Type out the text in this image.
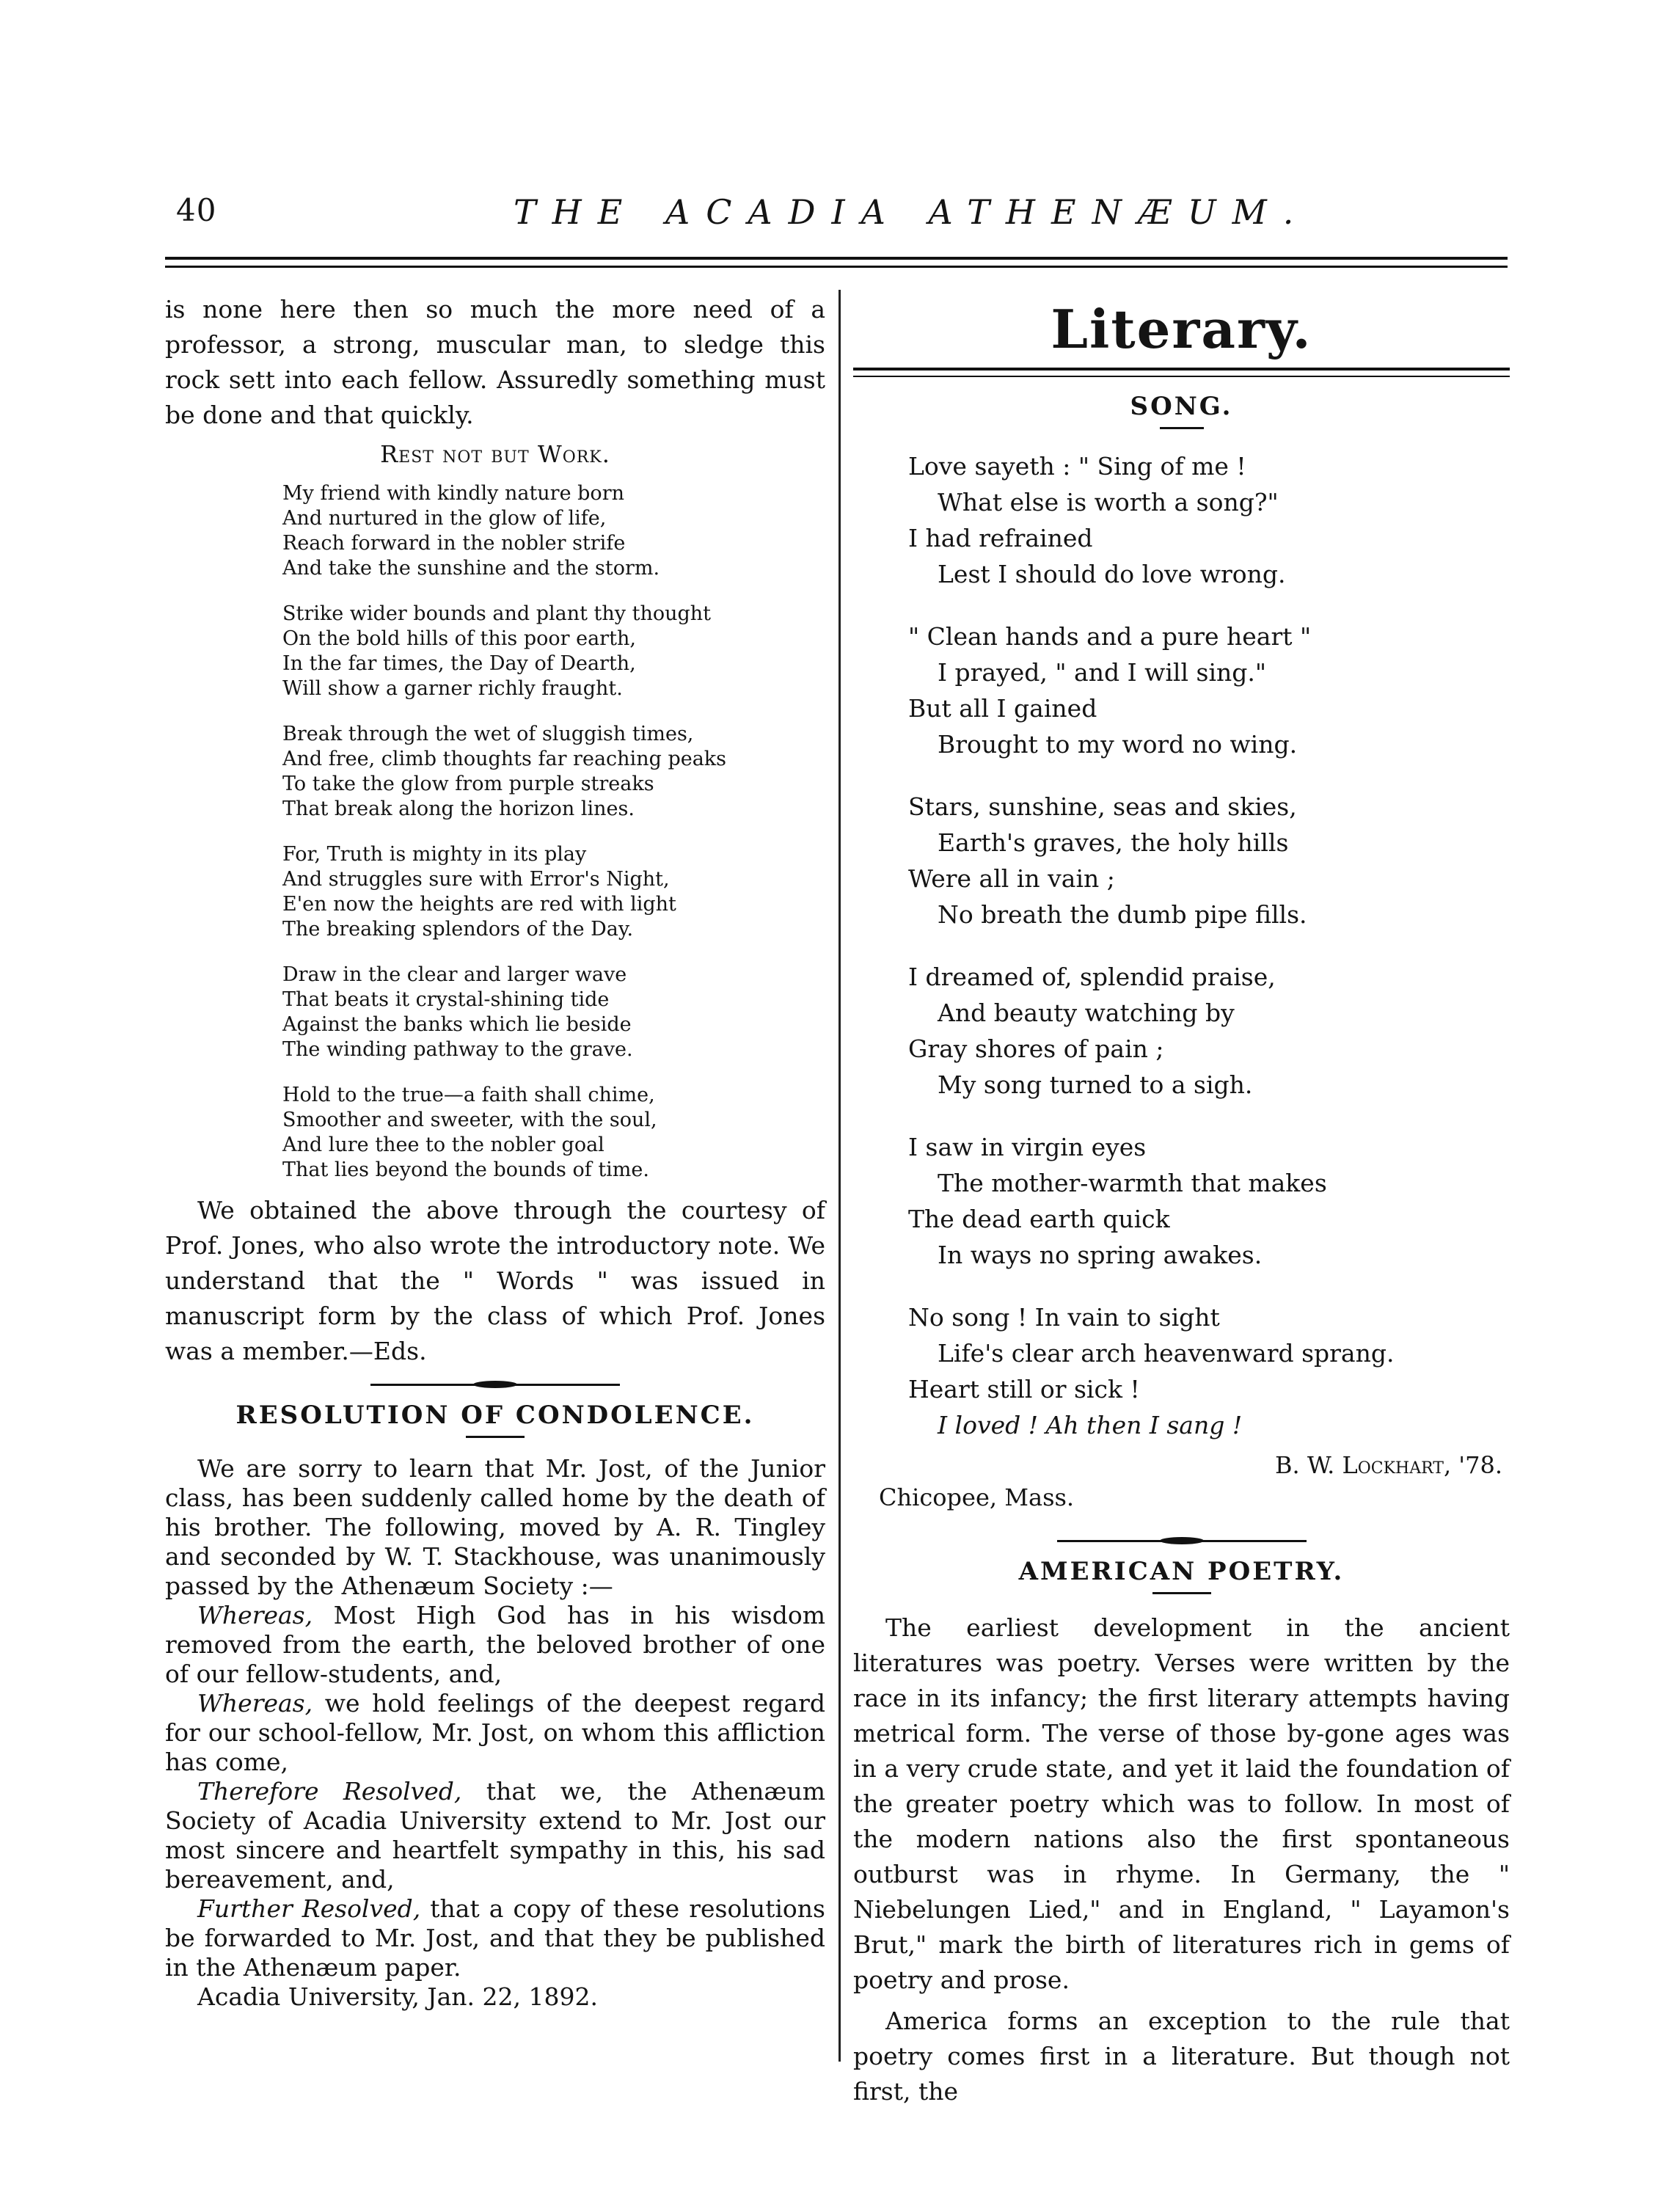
40	THE ACADIA ATHENÆUM.

is none here then so much the more need of a professor, a strong, muscular man, to sledge this rock sett into each fellow. Assuredly something must be done and that quickly.

Rest not but Work.
My friend with kindly nature born
And nurtured in the glow of life,
Reach forward in the nobler strife
And take the sunshine and the storm.
Strike wider bounds and plant thy thought
On the bold hills of this poor earth,
In the far times, the Day of Dearth,
Will show a garner richly fraught.
Break through the wet of sluggish times,
And free, climb thoughts far reaching peaks
To take the glow from purple streaks
That break along the horizon lines.
For, Truth is mighty in its play
And struggles sure with Error's Night,
E'en now the heights are red with light
The breaking splendors of the Day.
Draw in the clear and larger wave
That beats it crystal-shining tide
Against the banks which lie beside
The winding pathway to the grave.
Hold to the true—a faith shall chime,
Smoother and sweeter, with the soul,
And lure thee to the nobler goal
That lies beyond the bounds of time.

We obtained the above through the courtesy of Prof. Jones, who also wrote the introductory note. We understand that the " Words " was issued in manuscript form by the class of which Prof. Jones was a member.—Eds.

RESOLUTION OF CONDOLENCE.

We are sorry to learn that Mr. Jost, of the Junior class, has been suddenly called home by the death of his brother. The following, moved by A. R. Tingley and seconded by W. T. Stackhouse, was unanimously passed by the Athenæum Society :—

Whereas, Most High God has in his wisdom removed from the earth, the beloved brother of one of our fellow-students, and,

Whereas, we hold feelings of the deepest regard for our school-fellow, Mr. Jost, on whom this affliction has come,

Therefore Resolved, that we, the Athenæum Society of Acadia University extend to Mr. Jost our most sincere and heartfelt sympathy in this, his sad bereavement, and,

Further Resolved, that a copy of these resolutions be forwarded to Mr. Jost, and that they be published in the Athenæum paper.

Acadia University, Jan. 22, 1892.

Literary.
SONG.
Love sayeth : " Sing of me !
What else is worth a song?"
I had refrained
Lest I should do love wrong.
" Clean hands and a pure heart "
I prayed, " and I will sing."
But all I gained
Brought to my word no wing.
Stars, sunshine, seas and skies,
Earth's graves, the holy hills
Were all in vain ;
No breath the dumb pipe fills.
I dreamed of, splendid praise,
And beauty watching by
Gray shores of pain ;
My song turned to a sigh.
I saw in virgin eyes
The mother-warmth that makes
The dead earth quick
In ways no spring awakes.
No song ! In vain to sight
Life's clear arch heavenward sprang.
Heart still or sick !
I loved ! Ah then I sang !
B. W. Lockhart, '78.
Chicopee, Mass.
AMERICAN POETRY.

The earliest development in the ancient literatures was poetry. Verses were written by the race in its infancy; the first literary attempts having metrical form. The verse of those by-gone ages was in a very crude state, and yet it laid the foundation of the greater poetry which was to follow. In most of the modern nations also the first spontaneous outburst was in rhyme. In Germany, the " Niebelungen Lied," and in England, " Layamon's Brut," mark the birth of literatures rich in gems of poetry and prose.

America forms an exception to the rule that poetry comes first in a literature. But though not first, the
